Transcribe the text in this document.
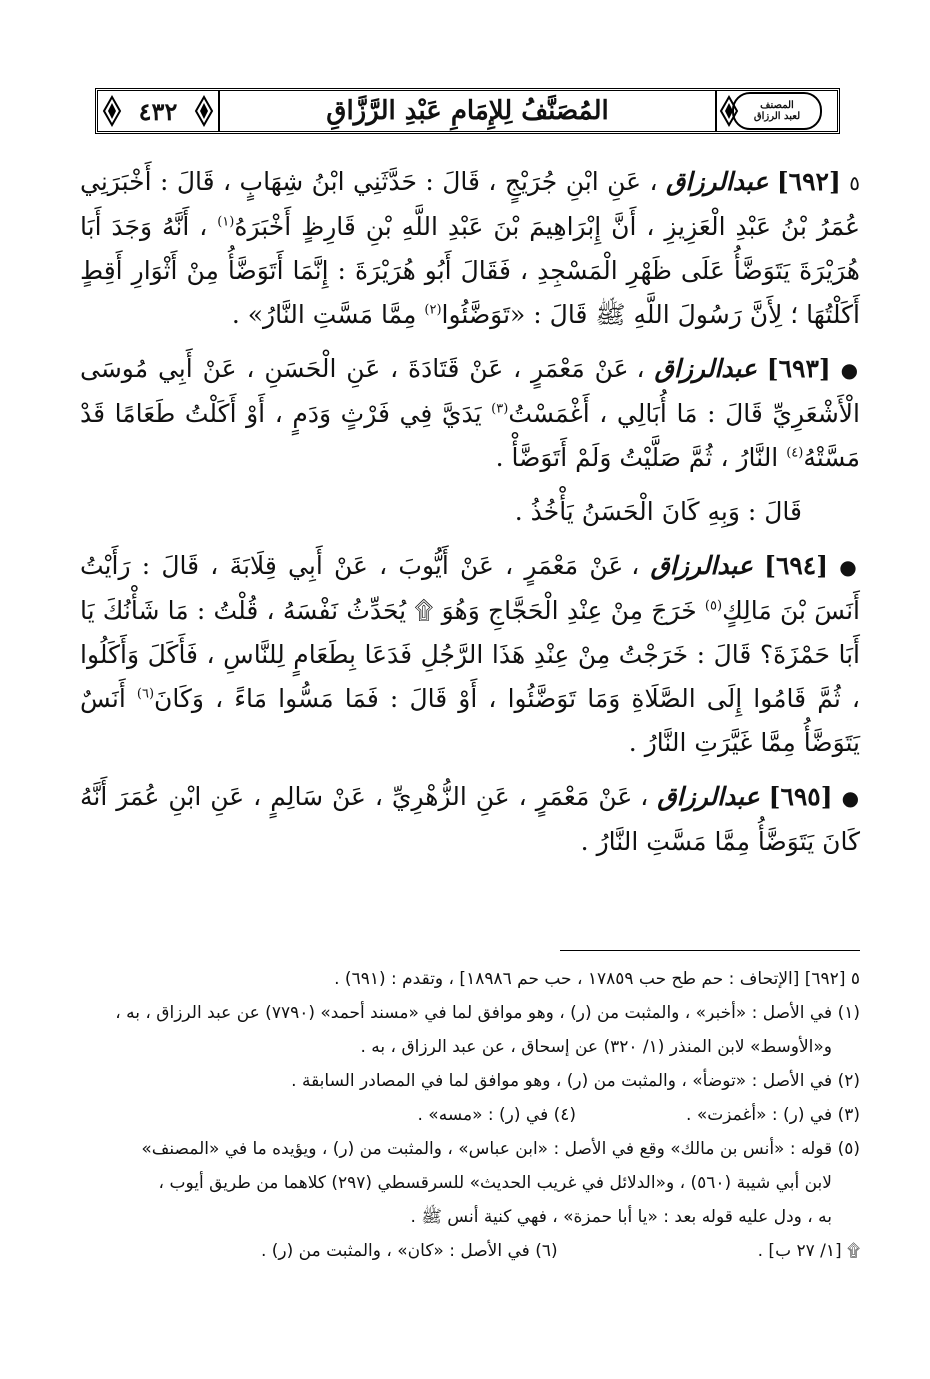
٤٣٢	المُصَنَّفُ لِلإِمَامِ عَبْدِ الرَّزَّاقِ	المصنف
لعبد الرزاق

٥ [٦٩٢] عبدالرزاق ، عَنِ ابْنِ جُرَيْجٍ ، قَالَ : حَدَّثَنِي ابْنُ شِهَابٍ ، قَالَ : أَخْبَرَنِي عُمَرُ بْنُ عَبْدِ الْعَزِيزِ ، أَنَّ إِبْرَاهِيمَ بْنَ عَبْدِ اللَّهِ بْنِ قَارِظٍ أَخْبَرَهُ$^{(١)}$ ، أَنَّهُ وَجَدَ أَبَا هُرَيْرَةَ يَتَوَضَّأُ عَلَى ظَهْرِ الْمَسْجِدِ ، فَقَالَ أَبُو هُرَيْرَةَ : إِنَّمَا أَتَوَضَّأُ مِنْ أَثْوَارِ أَقِطٍ أَكَلْتُهَا ؛ لِأَنَّ رَسُولَ اللَّهِ ﷺ قَالَ : «تَوَضَّئُوا$^{(٢)}$ مِمَّا مَسَّتِ النَّارُ» .

● [٦٩٣] عبدالرزاق ، عَنْ مَعْمَرٍ ، عَنْ قَتَادَةَ ، عَنِ الْحَسَنِ ، عَنْ أَبِي مُوسَى الْأَشْعَرِيِّ قَالَ : مَا أُبَالِي ، أَغْمَسْتُ$^{(٣)}$ يَدَيَّ فِي فَرْثٍ وَدَمٍ ، أَوْ أَكَلْتُ طَعَامًا قَدْ مَسَّتْهُ$^{(٤)}$ النَّارُ ، ثُمَّ صَلَّيْتُ وَلَمْ أَتَوَضَّأْ .

قَالَ : وَبِهِ كَانَ الْحَسَنُ يَأْخُذُ .

● [٦٩٤] عبدالرزاق ، عَنْ مَعْمَرٍ ، عَنْ أَيُّوبَ ، عَنْ أَبِي قِلَابَةَ ، قَالَ : رَأَيْتُ أَنَسَ بْنَ مَالِكٍ$^{(٥)}$ خَرَجَ مِنْ عِنْدِ الْحَجَّاجِ وَهُوَ ۩ يُحَدِّثُ نَفْسَهُ ، قُلْتُ : مَا شَأْنُكَ يَا أَبَا حَمْزَةَ؟ قَالَ : خَرَجْتُ مِنْ عِنْدِ هَذَا الرَّجُلِ فَدَعَا بِطَعَامٍ لِلنَّاسِ ، فَأَكَلَ وَأَكَلُوا ، ثُمَّ قَامُوا إِلَى الصَّلَاةِ وَمَا تَوَضَّئُوا ، أَوْ قَالَ : فَمَا مَسُّوا مَاءً ، وَكَانَ$^{(٦)}$ أَنَسٌ يَتَوَضَّأُ مِمَّا غَيَّرَتِ النَّارُ .

● [٦٩٥] عبدالرزاق ، عَنْ مَعْمَرٍ ، عَنِ الزُّهْرِيِّ ، عَنْ سَالِمٍ ، عَنِ ابْنِ عُمَرَ أَنَّهُ كَانَ يَتَوَضَّأُ مِمَّا مَسَّتِ النَّارُ .

٥ [٦٩٢] [الإتحاف : حم طح حب ١٧٨٥٩ ، حب حم ١٨٩٨٦] ، وتقدم : (٦٩١) .

(١) في الأصل : «أخبر» ، والمثبت من (ر) ، وهو موافق لما في «مسند أحمد» (٧٧٩٠) عن عبد الرزاق ، به ،

و«الأوسط» لابن المنذر (١/ ٣٢٠) عن إسحاق ، عن عبد الرزاق ، به .

(٢) في الأصل : «توضأ» ، والمثبت من (ر) ، وهو موافق لما في المصادر السابقة .

(٣) في (ر) : «أغمزت» .
(٤) في (ر) : «مسه» .

(٥) قوله : «أنس بن مالك» وقع في الأصل : «ابن عباس» ، والمثبت من (ر) ، ويؤيده ما في «المصنف»

لابن أبي شيبة (٥٦٠) ، و«الدلائل في غريب الحديث» للسرقسطي (٢٩٧) كلاهما من طريق أيوب ،

به ، ودل عليه قوله بعد : «يا أبا حمزة» ، فهي كنية أنس ﷺ .

۩ [١/ ٢٧ ب] .
(٦) في الأصل : «كان» ، والمثبت من (ر) .
